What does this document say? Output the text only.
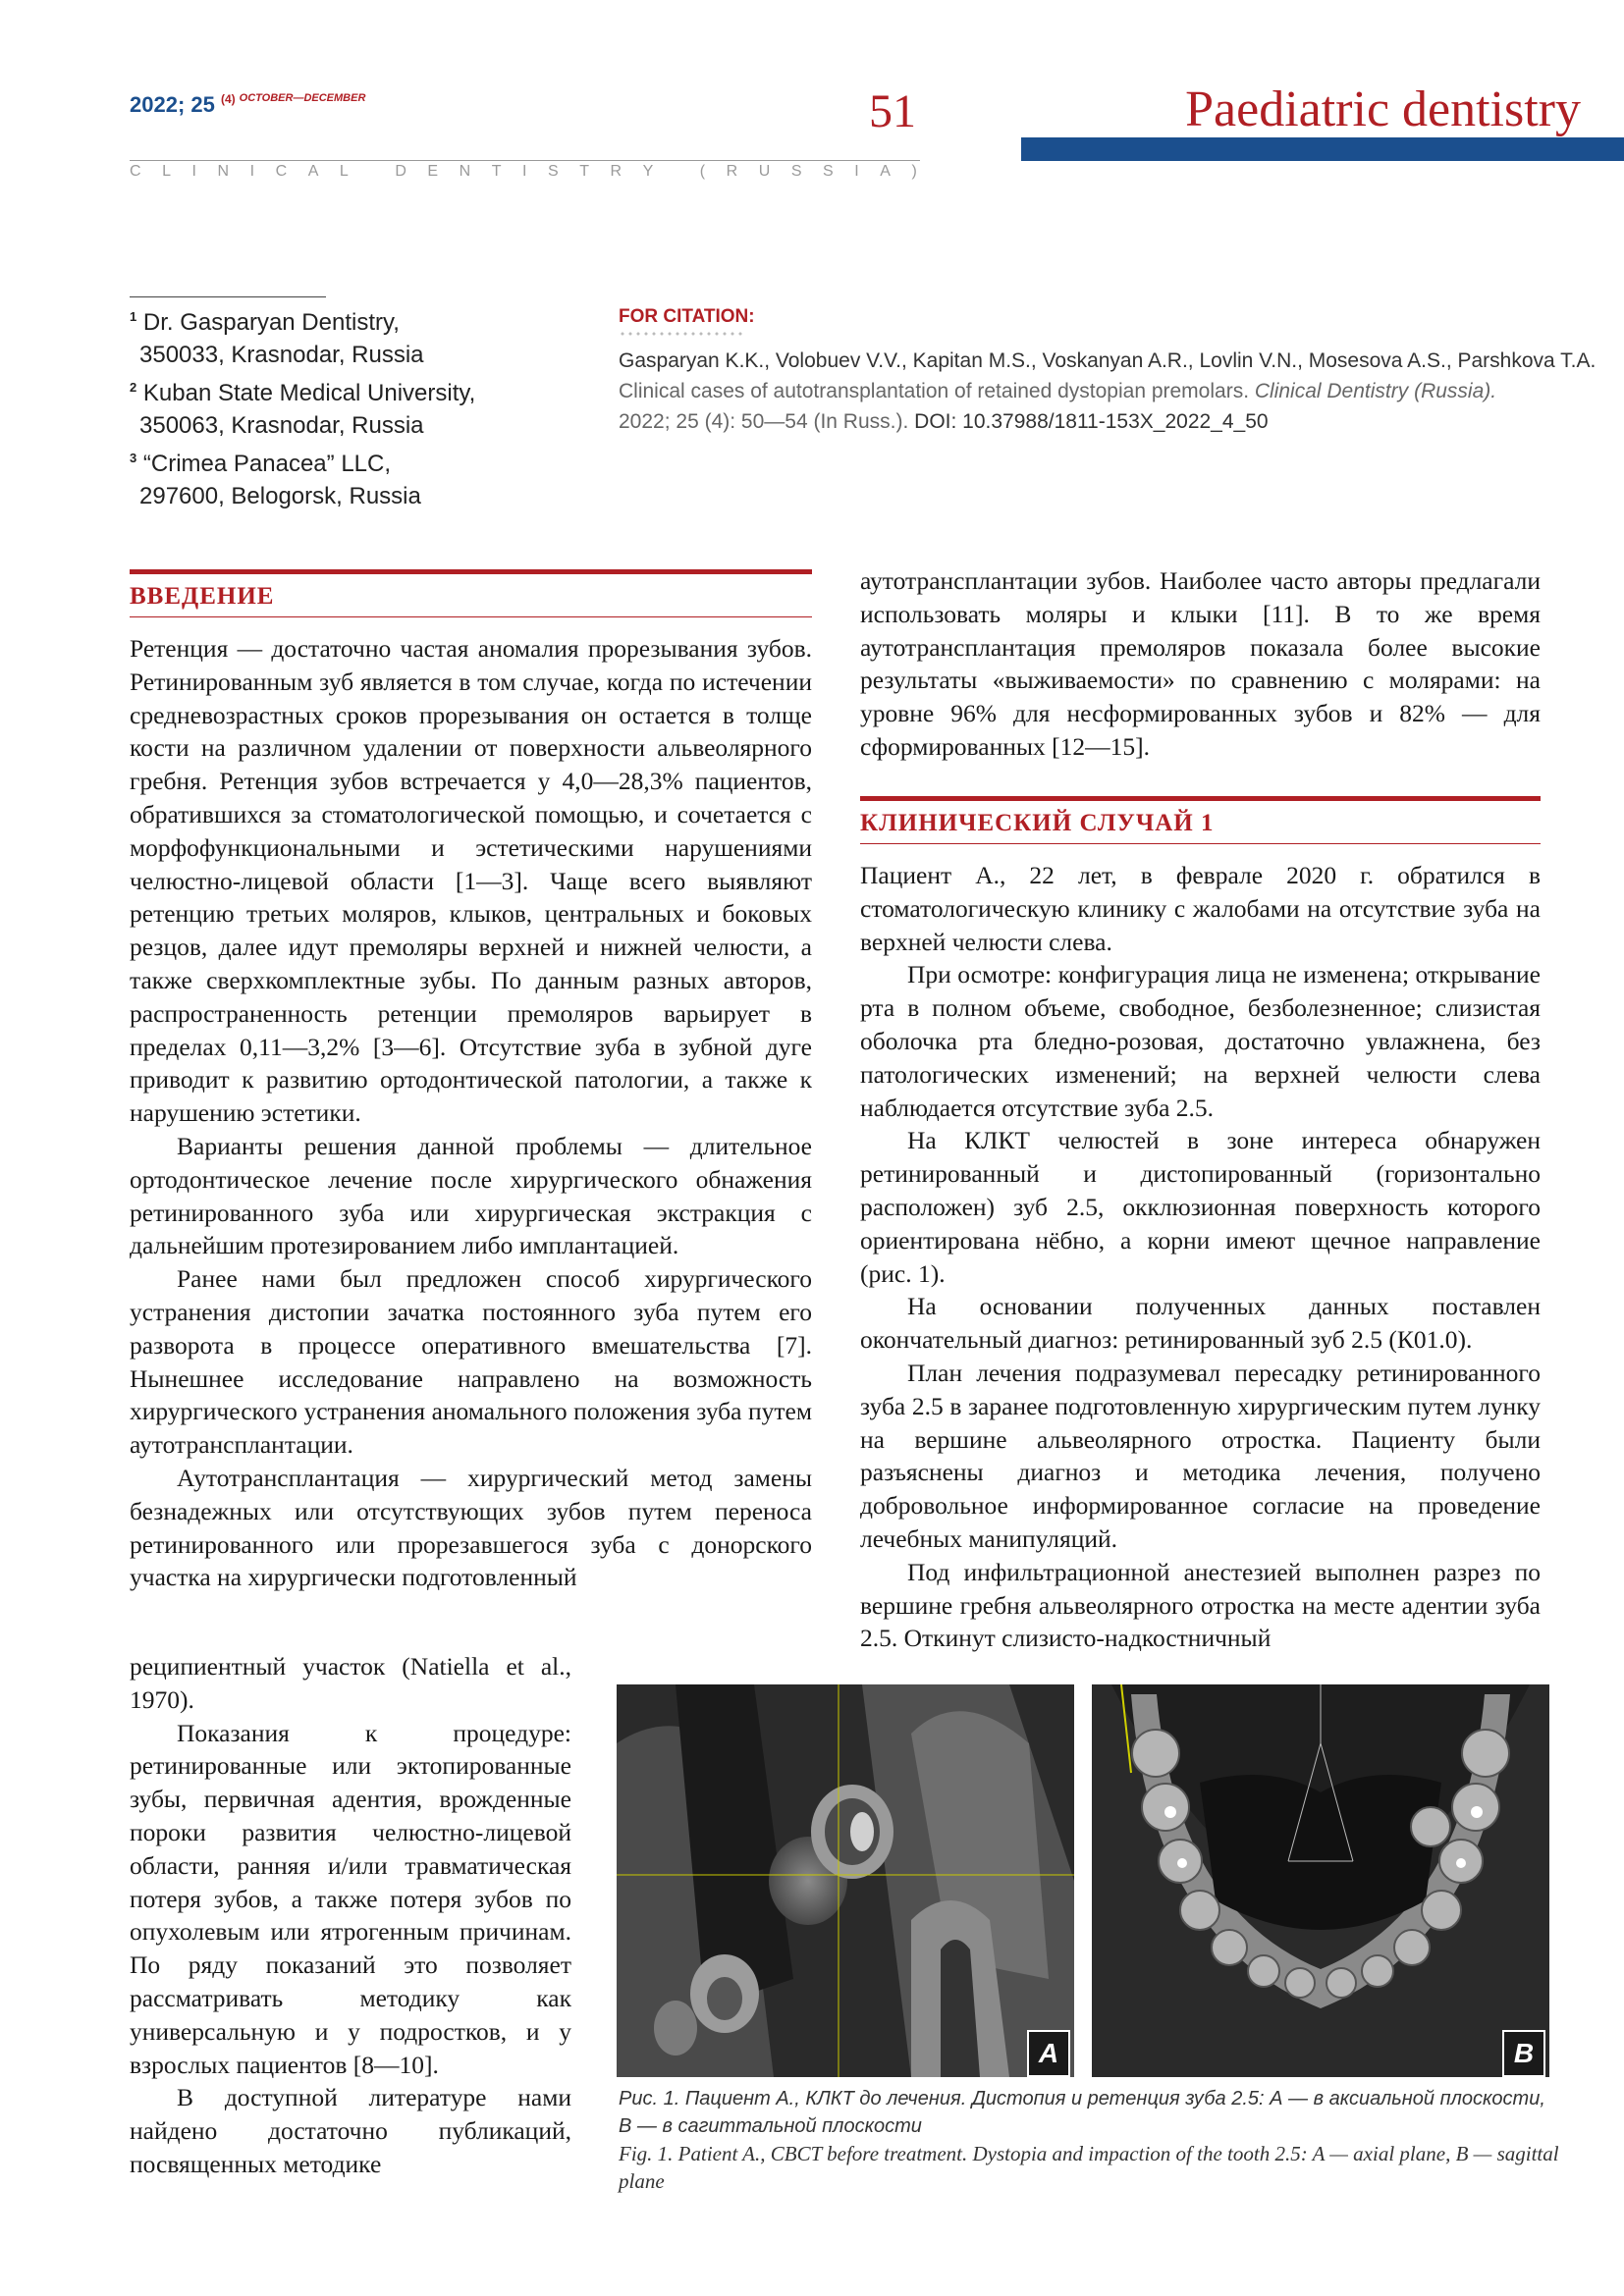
2022; 25 $^{(4)}$ $^{OCTOBER—DECEMBER}$	51	Paediatric dentistry
C L I N I C A L
	D E N T I S T R Y
	( R U S S I A )
$^1$ Dr. Gasparyan Dentistry,
350033, Krasnodar, Russia
$^2$ Kuban State Medical University,
350063, Krasnodar, Russia
$^3$ “Crimea Panacea” LLC,
297600, Belogorsk, Russia
FOR CITATION:
Gasparyan K.K., Volobuev V.V., Kapitan M.S., Voskanyan A.R., Lovlin V.N., Mosesova A.S., Parshkova T.A.
Clinical cases of autotransplantation of retained dystopian premolars. Clinical Dentistry (Russia). 2022; 25 (4): 50—54 (In Russ.). DOI: 10.37988/1811-153X_2022_4_50
ВВЕДЕНИЕ

Ретенция — достаточно частая аномалия прорезывания зубов. Ретинированным зуб является в том случае, когда по истечении средневозрастных сроков прорезывания он остается в толще кости на различном удалении от поверхности альвеолярного гребня. Ретенция зубов встречается у 4,0—28,3% пациентов, обратившихся за стоматологической помощью, и сочетается с морфофункциональными и эстетическими нарушениями челюстно-лицевой области [1—3]. Чаще всего выявляют ретенцию третьих моляров, клыков, центральных и боковых резцов, далее идут премоляры верхней и нижней челюсти, а также сверхкомплектные зубы. По данным разных авторов, распространенность ретенции премоляров варьирует в пределах 0,11—3,2% [3—6]. Отсутствие зуба в зубной дуге приводит к развитию ортодонтической патологии, а также к нарушению эстетики.

Варианты решения данной проблемы — длительное ортодонтическое лечение после хирургического обнажения ретинированного зуба или хирургическая экстракция с дальнейшим протезированием либо имплантацией.

Ранее нами был предложен способ хирургического устранения дистопии зачатка постоянного зуба путем его разворота в процессе оперативного вмешательства [7]. Нынешнее исследование направлено на возможность хирургического устранения аномального положения зуба путем аутотрансплантации.

Аутотрансплантация — хирургический метод замены безнадежных или отсутствующих зубов путем переноса ретинированного или прорезавшегося зуба с донорского участка на хирургически подготовленный

реципиентный участок (Natiella et al., 1970).

Показания к процедуре: ретинированные или эктопированные зубы, первичная адентия, врожденные пороки развития челюстно-лицевой области, ранняя и/или травматическая потеря зубов, а также потеря зубов по опухолевым или ятрогенным причинам. По ряду показаний это позволяет рассматривать методику как универсальную и у подростков, и у взрослых пациентов [8—10].

В доступной литературе нами найдено достаточно публикаций, посвященных методике

аутотрансплантации зубов. Наиболее часто авторы предлагали использовать моляры и клыки [11]. В то же время аутотрансплантация премоляров показала более высокие результаты «выживаемости» по сравнению с молярами: на уровне 96% для несформированных зубов и 82% — для сформированных [12—15].

КЛИНИЧЕСКИЙ СЛУЧАЙ 1

Пациент А., 22 лет, в феврале 2020 г. обратился в стоматологическую клинику с жалобами на отсутствие зуба на верхней челюсти слева.

При осмотре: конфигурация лица не изменена; открывание рта в полном объеме, свободное, безболезненное; слизистая оболочка рта бледно-розовая, достаточно увлажнена, без патологических изменений; на верхней челюсти слева наблюдается отсутствие зуба 2.5.

На КЛКТ челюстей в зоне интереса обнаружен ретинированный и дистопированный (горизонтально расположен) зуб 2.5, окклюзионная поверхность которого ориентирована нёбно, а корни имеют щечное направление (рис. 1).

На основании полученных данных поставлен окончательный диагноз: ретинированный зуб 2.5 (К01.0).

План лечения подразумевал пересадку ретинированного зуба 2.5 в заранее подготовленную хирургическим путем лунку на вершине альвеолярного отростка. Пациенту были разъяснены диагноз и методика лечения, получено добровольное информированное согласие на проведение лечебных манипуляций.

Под инфильтрационной анестезией выполнен разрез по вершине гребня альвеолярного отростка на месте адентии зуба 2.5. Откинут слизисто-надкостничный

A	B
Рис. 1. Пациент А., КЛКТ до лечения. Дистопия и ретенция зуба 2.5: А — в аксиальной плоскости, В — в сагиттальной плоскости
Fig. 1. Patient A., CBCT before treatment. Dystopia and impaction of the tooth 2.5: A — axial plane, B — sagittal plane
